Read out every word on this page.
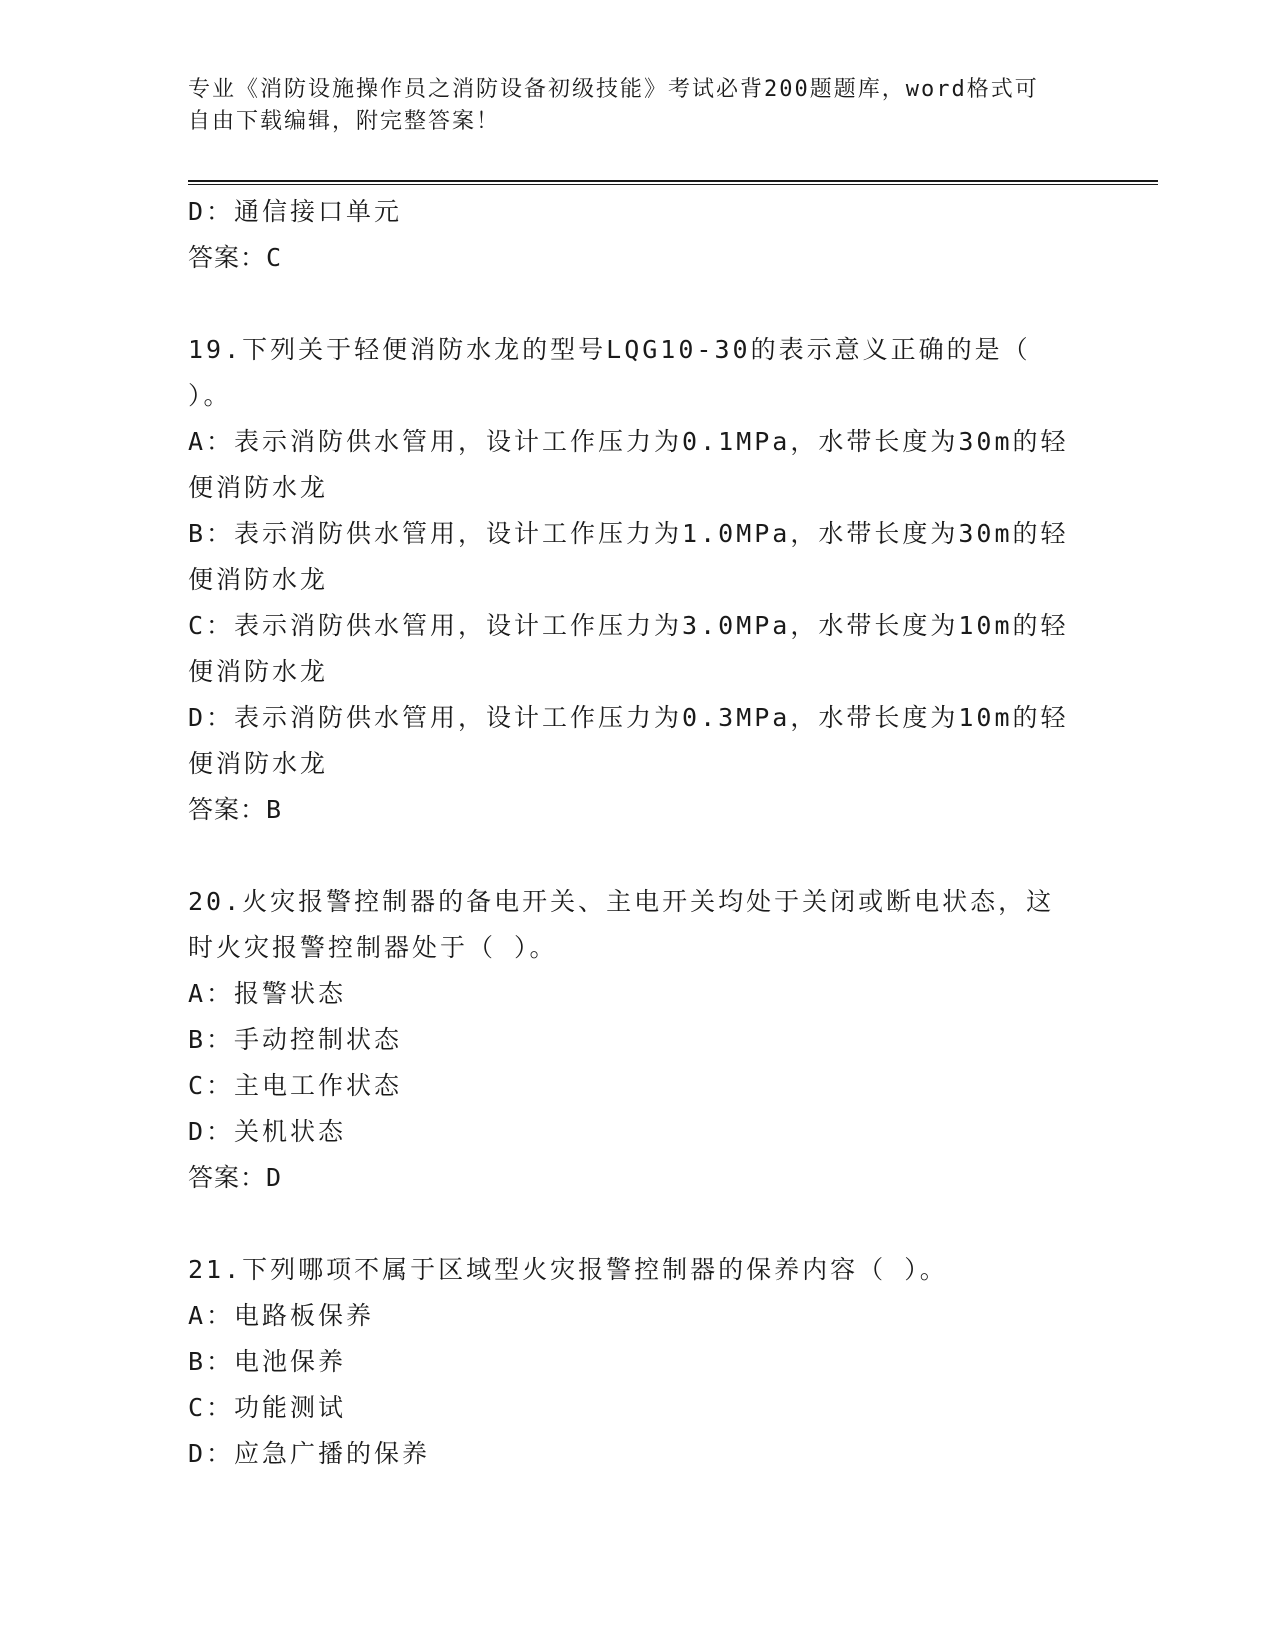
专业《消防设施操作员之消防设备初级技能》考试必背200题题库，word格式可
自由下载编辑，附完整答案！
D：通信接口单元
答案：C
19.下列关于轻便消防水龙的型号LQG10-30的表示意义正确的是（
）。
A：表示消防供水管用，设计工作压力为0.1MPa，水带长度为30m的轻
便消防水龙
B：表示消防供水管用，设计工作压力为1.0MPa，水带长度为30m的轻
便消防水龙
C：表示消防供水管用，设计工作压力为3.0MPa，水带长度为10m的轻
便消防水龙
D：表示消防供水管用，设计工作压力为0.3MPa，水带长度为10m的轻
便消防水龙
答案：B
20.火灾报警控制器的备电开关、主电开关均处于关闭或断电状态，这
时火灾报警控制器处于（ ）。
A：报警状态
B：手动控制状态
C：主电工作状态
D：关机状态
答案：D
21.下列哪项不属于区域型火灾报警控制器的保养内容（ ）。
A：电路板保养
B：电池保养
C：功能测试
D：应急广播的保养
